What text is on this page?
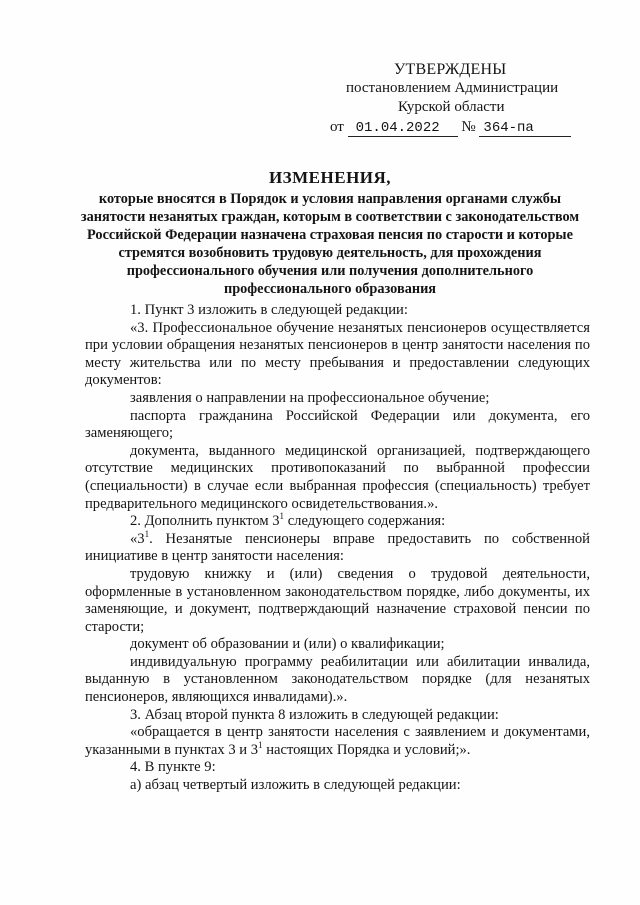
УТВЕРЖДЕНЫ
постановлением Администрации
Курской области
от 01.04.2022 № 364-па
ИЗМЕНЕНИЯ,
которые вносятся в Порядок и условия направления органами службы занятости незанятых граждан, которым в соответствии с законодательством Российской Федерации назначена страховая пенсия по старости и которые стремятся возобновить трудовую деятельность, для прохождения профессионального обучения или получения дополнительного профессионального образования
1. Пункт 3 изложить в следующей редакции:
«3. Профессиональное обучение незанятых пенсионеров осуществляется при условии обращения незанятых пенсионеров в центр занятости населения по месту жительства или по месту пребывания и предоставлении следующих документов:
заявления о направлении на профессиональное обучение;
паспорта гражданина Российской Федерации или документа, его заменяющего;
документа, выданного медицинской организацией, подтверждающего отсутствие медицинских противопоказаний по выбранной профессии (специальности) в случае если выбранная профессия (специальность) требует предварительного медицинского освидетельствования.».
2. Дополнить пунктом $3^1$ следующего содержания:
«$3^1$. Незанятые пенсионеры вправе предоставить по собственной инициативе в центр занятости населения:
трудовую книжку и (или) сведения о трудовой деятельности, оформленные в установленном законодательством порядке, либо документы, их заменяющие, и документ, подтверждающий назначение страховой пенсии по старости;
документ об образовании и (или) о квалификации;
индивидуальную программу реабилитации или абилитации инвалида, выданную в установленном законодательством порядке (для незанятых пенсионеров, являющихся инвалидами).».
3. Абзац второй пункта 8 изложить в следующей редакции:
«обращается в центр занятости населения с заявлением и документами, указанными в пунктах 3 и $3^1$ настоящих Порядка и условий;».
4. В пункте 9:
а) абзац четвертый изложить в следующей редакции:
